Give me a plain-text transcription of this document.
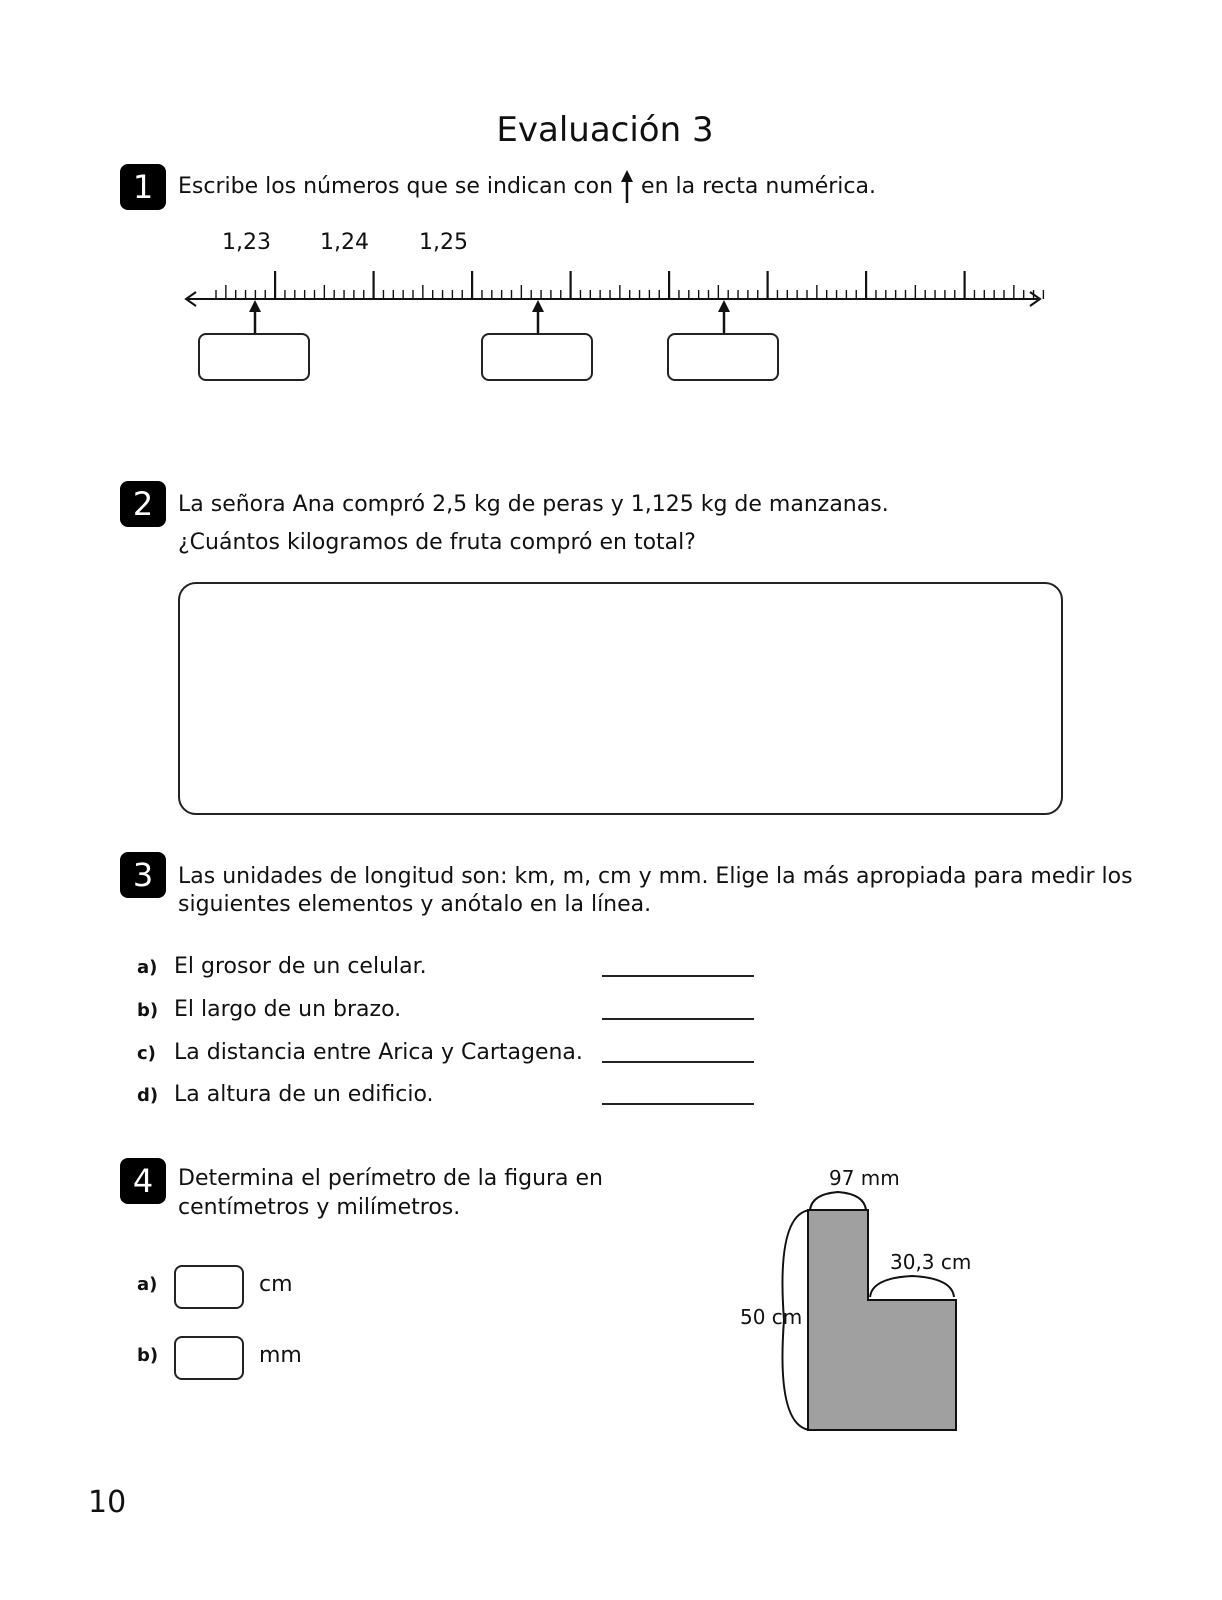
Evaluación 3
1	Escribe los números que se indican con en la recta numérica.
1,23 1,24 1,25
2	La señora Ana compró 2,5 kg de peras y 1,125 kg de manzanas.
¿Cuántos kilogramos de fruta compró en total?
3	Las unidades de longitud son: km, m, cm y mm. Elige la más apropiada para medir los
siguientes elementos y anótalo en la línea.
a) El grosor de un celular.
b) El largo de un brazo.
c) La distancia entre Arica y Cartagena.
d) La altura de un edificio.
4	Determina el perímetro de la figura en
centímetros y milímetros.
a)	cm
b)	mm
97 mm
30,3 cm
50 cm
10
